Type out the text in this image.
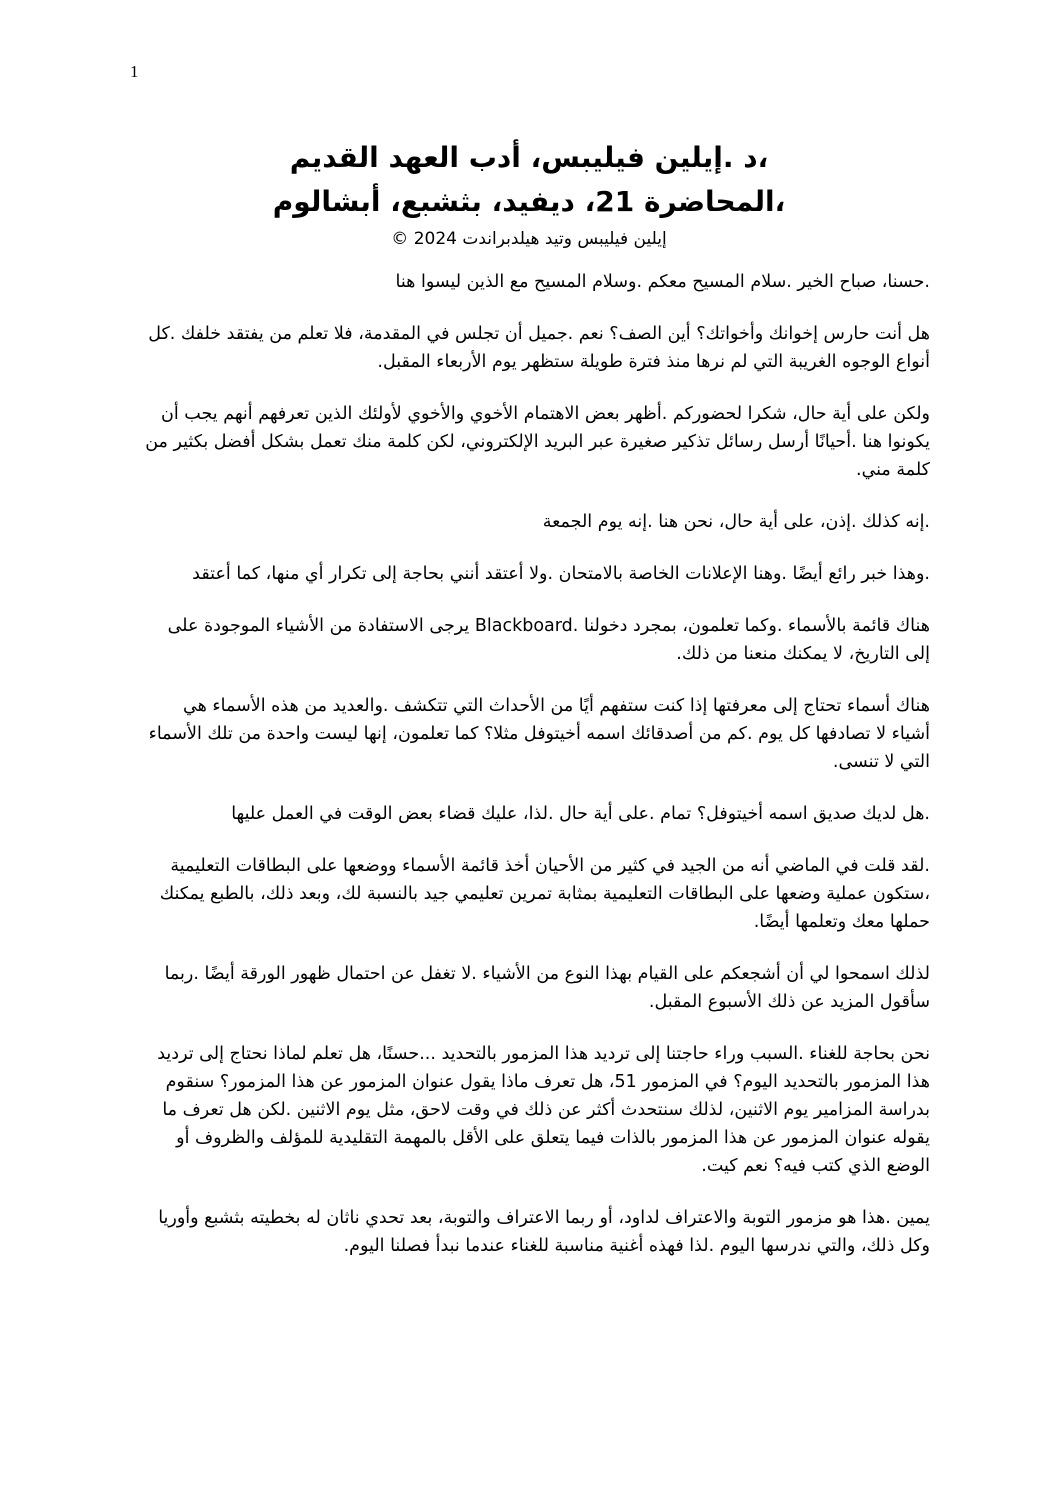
1

،د .إيلين فيليبس، أدب العهد القديم

،المحاضرة 21، ديفيد، بثشبع، أبشالوم

إيلين فيليبس وتيد هيلدبراندت 2024 ©

.حسنا، صباح الخير .سلام المسيح معكم .وسلام المسيح مع الذين ليسوا هنا

هل أنت حارس إخوانك وأخواتك؟ أين الصف؟ نعم .جميل أن تجلس في المقدمة، فلا تعلم من يفتقد خلفك .كل أنواع الوجوه الغريبة التي لم نرها منذ فترة طويلة ستظهر يوم الأربعاء المقبل.

ولكن على أية حال، شكرا لحضوركم .أظهر بعض الاهتمام الأخوي والأخوي لأولئك الذين تعرفهم أنهم يجب أن يكونوا هنا .أحيانًا أرسل رسائل تذكير صغيرة عبر البريد الإلكتروني، لكن كلمة منك تعمل بشكل أفضل بكثير من كلمة مني.

.إنه كذلك .إذن، على أية حال، نحن هنا .إنه يوم الجمعة

.وهذا خبر رائع أيضًا .وهنا الإعلانات الخاصة بالامتحان .ولا أعتقد أنني بحاجة إلى تكرار أي منها، كما أعتقد

هناك قائمة بالأسماء .وكما تعلمون، بمجرد دخولنا .Blackboard يرجى الاستفادة من الأشياء الموجودة على إلى التاريخ، لا يمكنك منعنا من ذلك.

هناك أسماء تحتاج إلى معرفتها إذا كنت ستفهم أيًا من الأحداث التي تتكشف .والعديد من هذه الأسماء هي أشياء لا تصادفها كل يوم .كم من أصدقائك اسمه أخيتوفل مثلا؟ كما تعلمون، إنها ليست واحدة من تلك الأسماء التي لا تنسى.

.هل لديك صديق اسمه أخيتوفل؟ تمام .على أية حال .لذا، عليك قضاء بعض الوقت في العمل عليها

.لقد قلت في الماضي أنه من الجيد في كثير من الأحيان أخذ قائمة الأسماء ووضعها على البطاقات التعليمية ،ستكون عملية وضعها على البطاقات التعليمية بمثابة تمرين تعليمي جيد بالنسبة لك، وبعد ذلك، بالطبع يمكنك حملها معك وتعلمها أيضًا.

لذلك اسمحوا لي أن أشجعكم على القيام بهذا النوع من الأشياء .لا تغفل عن احتمال ظهور الورقة أيضًا .ربما سأقول المزيد عن ذلك الأسبوع المقبل.

نحن بحاجة للغناء .السبب وراء حاجتنا إلى ترديد هذا المزمور بالتحديد ...حسنًا، هل تعلم لماذا نحتاج إلى ترديد هذا المزمور بالتحديد اليوم؟ في المزمور 51، هل تعرف ماذا يقول عنوان المزمور عن هذا المزمور؟ سنقوم بدراسة المزامير يوم الاثنين، لذلك سنتحدث أكثر عن ذلك في وقت لاحق، مثل يوم الاثنين .لكن هل تعرف ما يقوله عنوان المزمور عن هذا المزمور بالذات فيما يتعلق على الأقل بالمهمة التقليدية للمؤلف والظروف أو الوضع الذي كتب فيه؟ نعم كيت.

يمين .هذا هو مزمور التوبة والاعتراف لداود، أو ربما الاعتراف والتوبة، بعد تحدي ناثان له بخطيته بثشبع وأوريا وكل ذلك، والتي ندرسها اليوم .لذا فهذه أغنية مناسبة للغناء عندما نبدأ فصلنا اليوم.
